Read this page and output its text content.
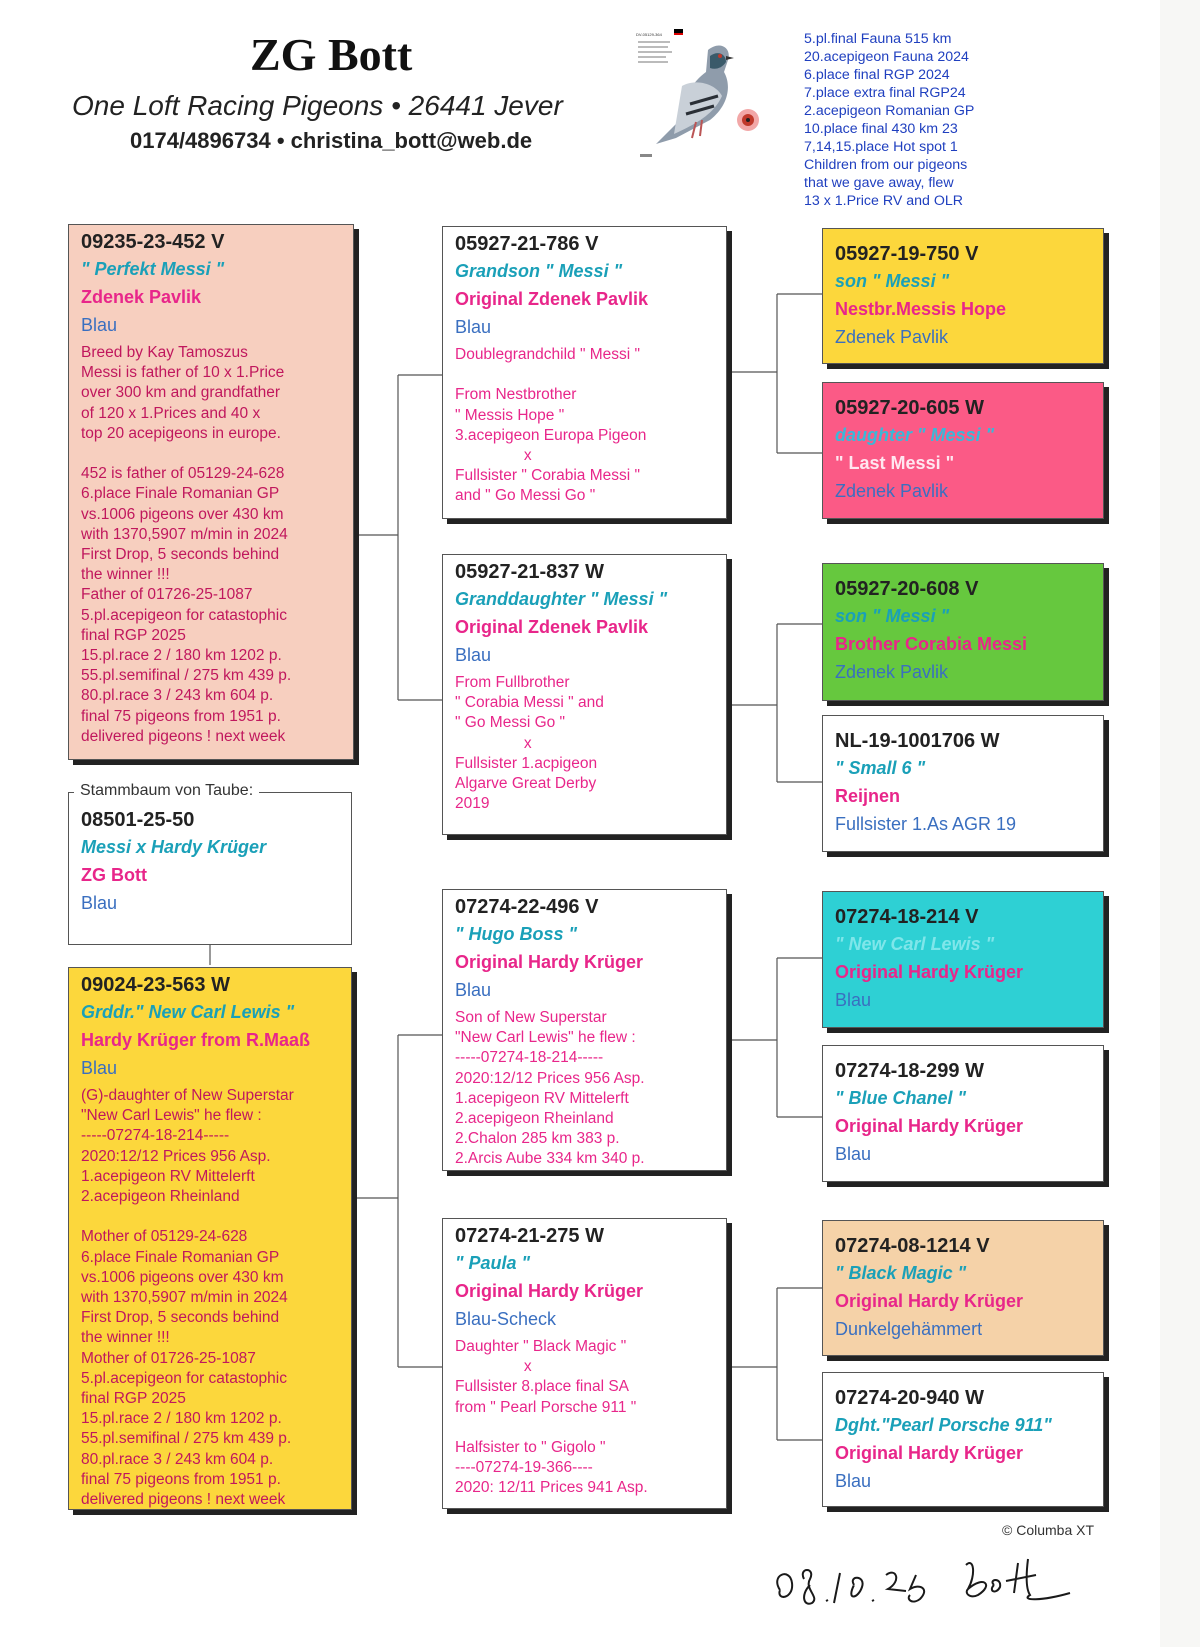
ZG Bott
One Loft Racing Pigeons • 26441 Jever
0174/4896734 • christina_bott@web.de
DV-05129-364	5.pl.final Fauna 515 km
20.acepigeon Fauna 2024
6.place final RGP 2024
7.place extra final RGP24
2.acepigeon Romanian GP
10.place final 430 km 23
7,14,15.place Hot spot 1
Children from our pigeons
that we gave away, flew
13 x 1.Price RV and OLR
09235-23-452 V
" Perfekt Messi "
Zdenek Pavlik
Blau
Breed by Kay Tamoszus
Messi is father of 10 x 1.Price
over 300 km and grandfather
of 120 x 1.Prices and 40 x
top 20 acepigeons in europe.

452 is father of 05129-24-628
6.place Finale Romanian GP
vs.1006 pigeons over 430 km
with 1370,5907 m/min in 2024
First Drop, 5 seconds behind
the winner !!!
Father of 01726-25-1087
5.pl.acepigeon for catastophic
final RGP 2025
15.pl.race 2 / 180 km 1202 p.
55.pl.semifinal / 275 km 439 p.
80.pl.race 3 / 243 km 604 p.
final 75 pigeons from 1951 p.
delivered pigeons ! next week
08501-25-50
Messi x Hardy Krüger
ZG Bott
Blau
Stammbaum von Taube:
09024-23-563 W
Grddr." New Carl Lewis "
Hardy Krüger from R.Maaß
Blau
(G)-daughter of New Superstar
"New Carl Lewis" he flew :
-----07274-18-214-----
2020:12/12 Prices 956 Asp.
1.acepigeon RV Mittelerft
2.acepigeon Rheinland

Mother of 05129-24-628
6.place Finale Romanian GP
vs.1006 pigeons over 430 km
with 1370,5907 m/min in 2024
First Drop, 5 seconds behind
the winner !!!
Mother of 01726-25-1087
5.pl.acepigeon for catastophic
final RGP 2025
15.pl.race 2 / 180 km 1202 p.
55.pl.semifinal / 275 km 439 p.
80.pl.race 3 / 243 km 604 p.
final 75 pigeons from 1951 p.
delivered pigeons ! next week
05927-21-786 V
Grandson " Messi "
Original Zdenek Pavlik
Blau
Doublegrandchild " Messi "

From Nestbrother
" Messis Hope "
3.acepigeon Europa Pigeon
x
Fullsister " Corabia Messi "
and " Go Messi Go "
05927-21-837 W
Granddaughter " Messi "
Original Zdenek Pavlik
Blau
From Fullbrother
" Corabia Messi " and
" Go Messi Go "
x
Fullsister 1.acpigeon
Algarve Great Derby
2019
07274-22-496 V
" Hugo Boss "
Original Hardy Krüger
Blau
Son of New Superstar
"New Carl Lewis" he flew :
-----07274-18-214-----
2020:12/12 Prices 956 Asp.
1.acepigeon RV Mittelerft
2.acepigeon Rheinland
2.Chalon 285 km 383 p.
2.Arcis Aube 334 km 340 p.
07274-21-275 W
" Paula "
Original Hardy Krüger
Blau-Scheck
Daughter " Black Magic "
x
Fullsister 8.place final SA
from " Pearl Porsche 911 "

Halfsister to " Gigolo "
----07274-19-366----
2020: 12/11 Prices 941 Asp.
05927-19-750 V
son " Messi "
Nestbr.Messis Hope
Zdenek Pavlik
05927-20-605 W
daughter " Messi "
" Last Messi "
Zdenek Pavlik
05927-20-608 V
son " Messi "
Brother Corabia Messi
Zdenek Pavlik
NL-19-1001706 W
" Small 6 "
Reijnen
Fullsister 1.As AGR 19
07274-18-214 V
" New Carl Lewis "
Original Hardy Krüger
Blau
07274-18-299 W
" Blue Chanel "
Original Hardy Krüger
Blau
07274-08-1214 V
" Black Magic "
Original Hardy Krüger
Dunkelgehämmert
07274-20-940 W
Dght."Pearl Porsche 911"
Original Hardy Krüger
Blau
© Columba XT
